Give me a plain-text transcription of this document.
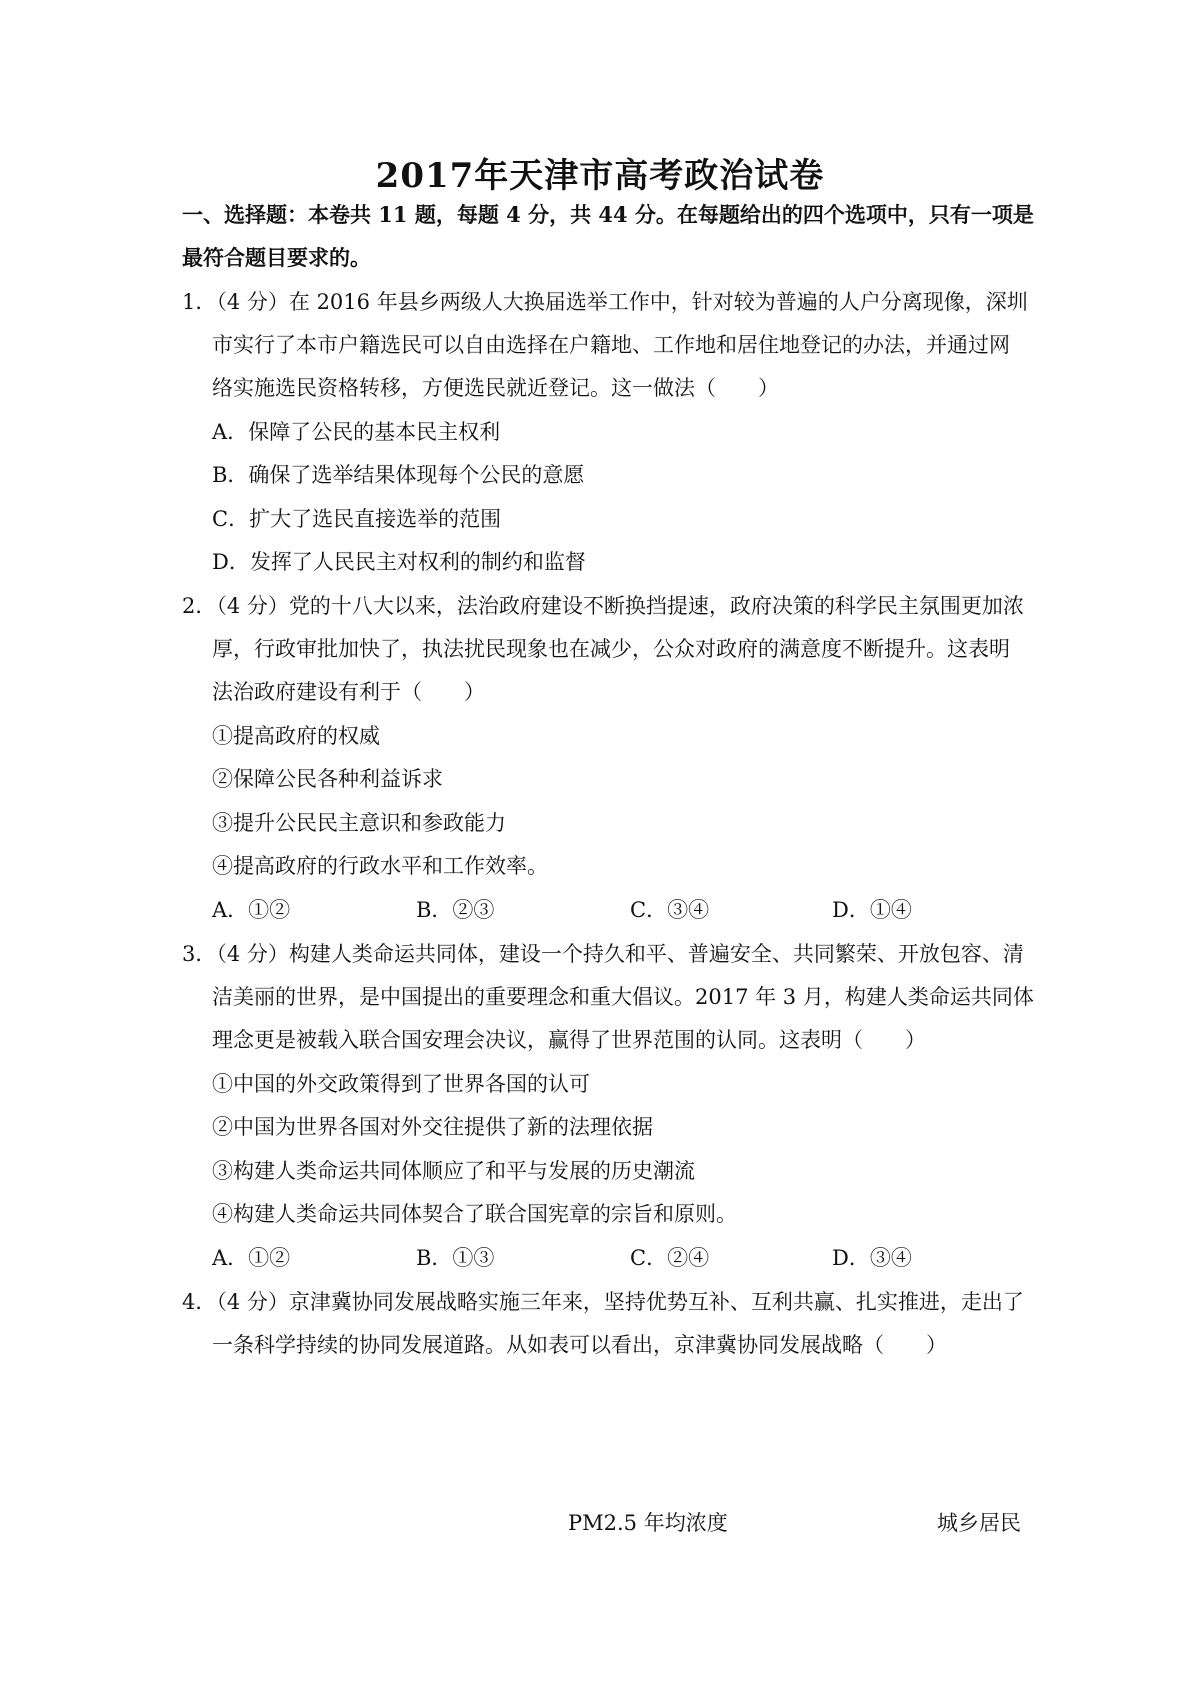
2017年天津市高考政治试卷
一、选择题：本卷共 11 题，每题 4 分，共 44 分。在每题给出的四个选项中，只有一项是
最符合题目要求的。
1．（4 分）在 2016 年县乡两级人大换届选举工作中，针对较为普遍的人户分离现像，深圳
市实行了本市户籍选民可以自由选择在户籍地、工作地和居住地登记的办法，并通过网
络实施选民资格转移，方便选民就近登记。这一做法（　　）
A．保障了公民的基本民主权利
B．确保了选举结果体现每个公民的意愿
C．扩大了选民直接选举的范围
D．发挥了人民民主对权利的制约和监督
2．（4 分）党的十八大以来，法治政府建设不断换挡提速，政府决策的科学民主氛围更加浓
厚，行政审批加快了，执法扰民现象也在减少，公众对政府的满意度不断提升。这表明
法治政府建设有利于（　　）
①提高政府的权威
②保障公民各种利益诉求
③提升公民民主意识和参政能力
④提高政府的行政水平和工作效率。
A．①②	B．②③	C．③④	D．①④
3．（4 分）构建人类命运共同体，建设一个持久和平、普遍安全、共同繁荣、开放包容、清
洁美丽的世界，是中国提出的重要理念和重大倡议。2017 年 3 月，构建人类命运共同体
理念更是被载入联合国安理会决议，赢得了世界范围的认同。这表明（　　）
①中国的外交政策得到了世界各国的认可
②中国为世界各国对外交往提供了新的法理依据
③构建人类命运共同体顺应了和平与发展的历史潮流
④构建人类命运共同体契合了联合国宪章的宗旨和原则。
A．①②	B．①③	C．②④	D．③④
4．（4 分）京津冀协同发展战略实施三年来，坚持优势互补、互利共赢、扎实推进，走出了
一条科学持续的协同发展道路。从如表可以看出，京津冀协同发展战略（　　）
PM2.5 年均浓度	城乡居民
